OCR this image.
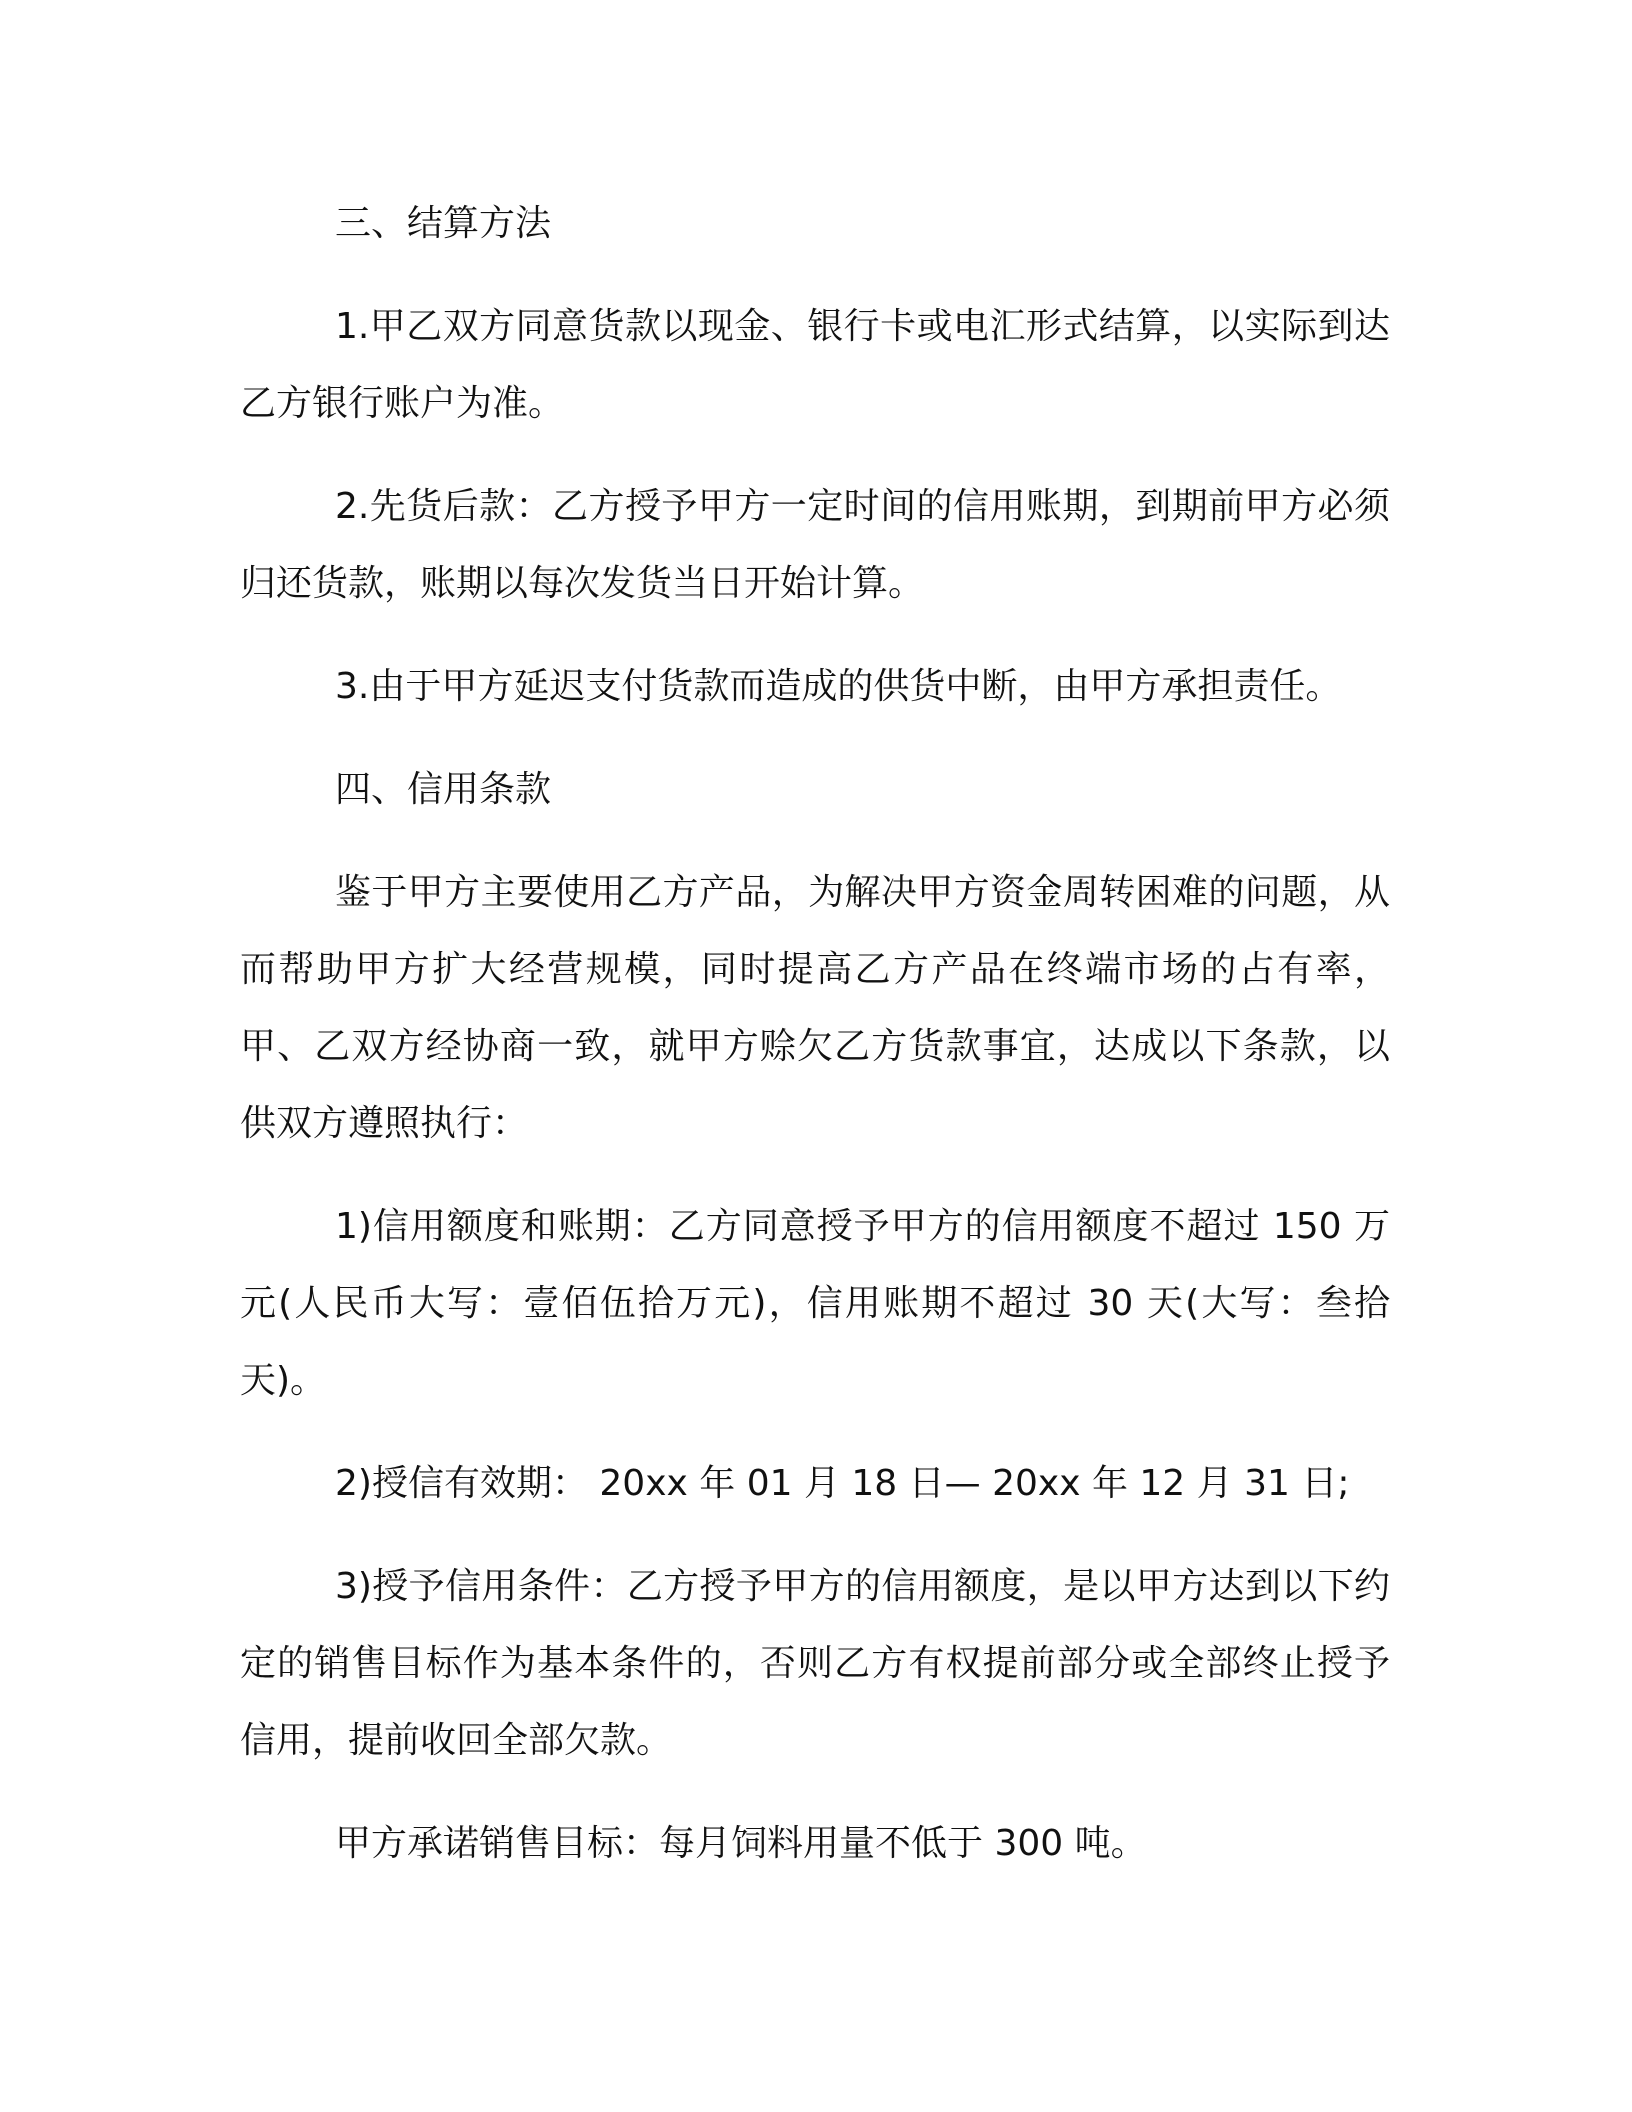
三、结算方法

1.甲乙双方同意货款以现金、银行卡或电汇形式结算，以实际到达乙方银行账户为准。

2.先货后款：乙方授予甲方一定时间的信用账期，到期前甲方必须归还货款，账期以每次发货当日开始计算。

3.由于甲方延迟支付货款而造成的供货中断，由甲方承担责任。

四、信用条款

鉴于甲方主要使用乙方产品，为解决甲方资金周转困难的问题，从而帮助甲方扩大经营规模，同时提高乙方产品在终端市场的占有率，甲、乙双方经协商一致，就甲方赊欠乙方货款事宜，达成以下条款，以供双方遵照执行：

1)信用额度和账期：乙方同意授予甲方的信用额度不超过 150 万元(人民币大写：壹佰伍拾万元)，信用账期不超过 30 天(大写：叁拾天)。

2)授信有效期： 20xx 年 01 月 18 日— 20xx 年 12 月 31 日;

3)授予信用条件：乙方授予甲方的信用额度，是以甲方达到以下约定的销售目标作为基本条件的，否则乙方有权提前部分或全部终止授予信用，提前收回全部欠款。

甲方承诺销售目标：每月饲料用量不低于 300 吨。
